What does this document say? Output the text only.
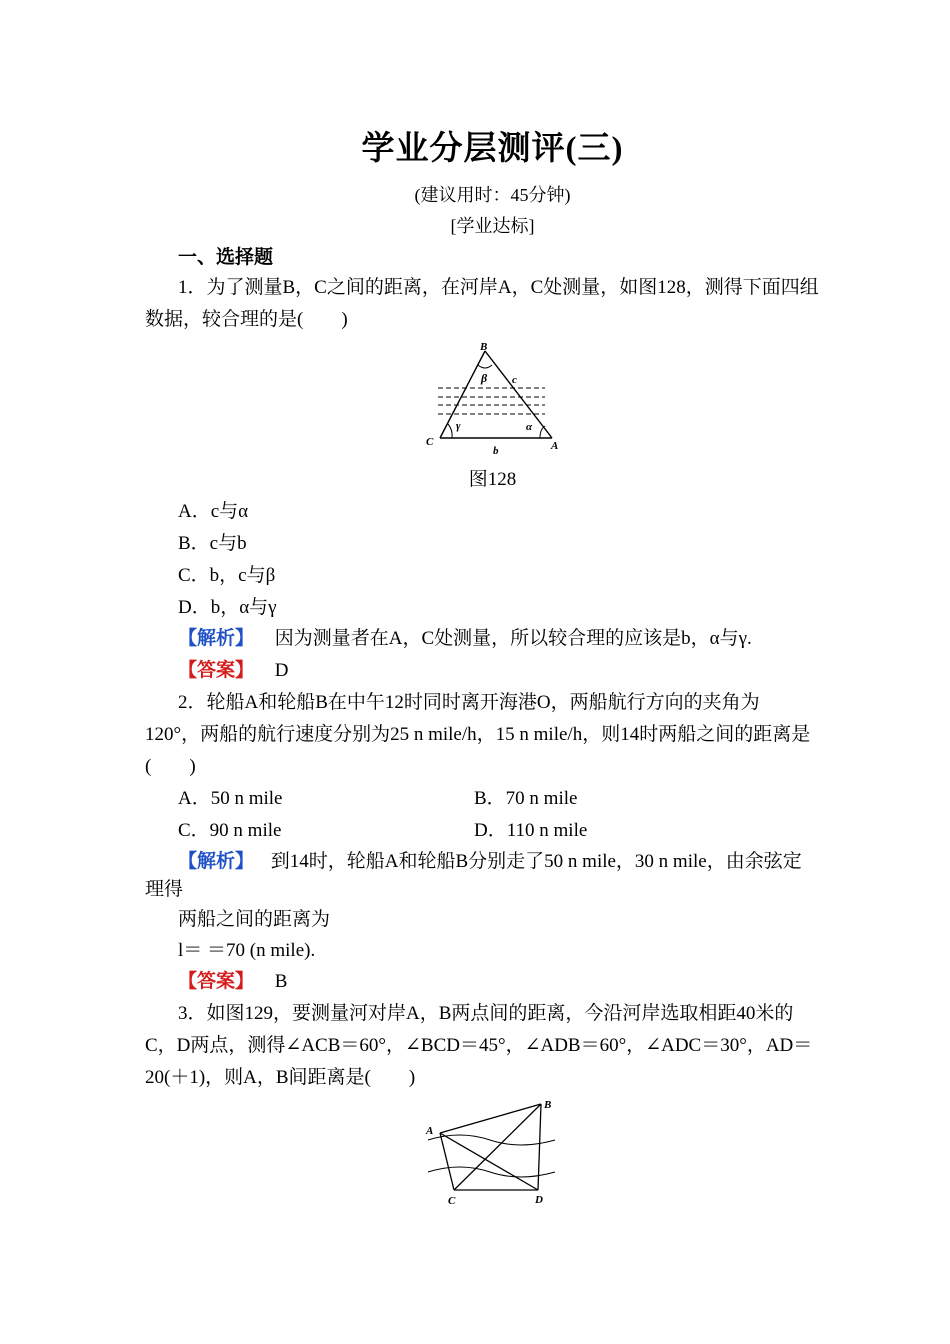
学业分层测评(三)
(建议用时：45分钟)
[学业达标]
一、选择题
1．为了测量B，C之间的距离，在河岸A，C处测量，如图128，测得下面四组
数据，较合理的是(　　)
B
β c
γ	α
C	A
b
图128
A．c与α
B．c与b
C．b，c与β
D．b，α与γ
【解析】 因为测量者在A，C处测量，所以较合理的应该是b，α与γ.
【答案】 D
2．轮船A和轮船B在中午12时同时离开海港O，两船航行方向的夹角为
120°，两船的航行速度分别为25 n mile/h，15 n mile/h，则14时两船之间的距离是
(　　)
A．50 n mile	B．70 n mile
C．90 n mile	D．110 n mile
【解析】 到14时，轮船A和轮船B分别走了50 n mile，30 n mile，由余弦定
理得
两船之间的距离为
l＝ ＝70 (n mile).
【答案】 B
3．如图129，要测量河对岸A，B两点间的距离，今沿河岸选取相距40米的
C，D两点，测得∠ACB＝60°，∠BCD＝45°，∠ADB＝60°，∠ADC＝30°，AD＝
20(＋1)，则A，B间距离是(　　)
A
B
C	D
